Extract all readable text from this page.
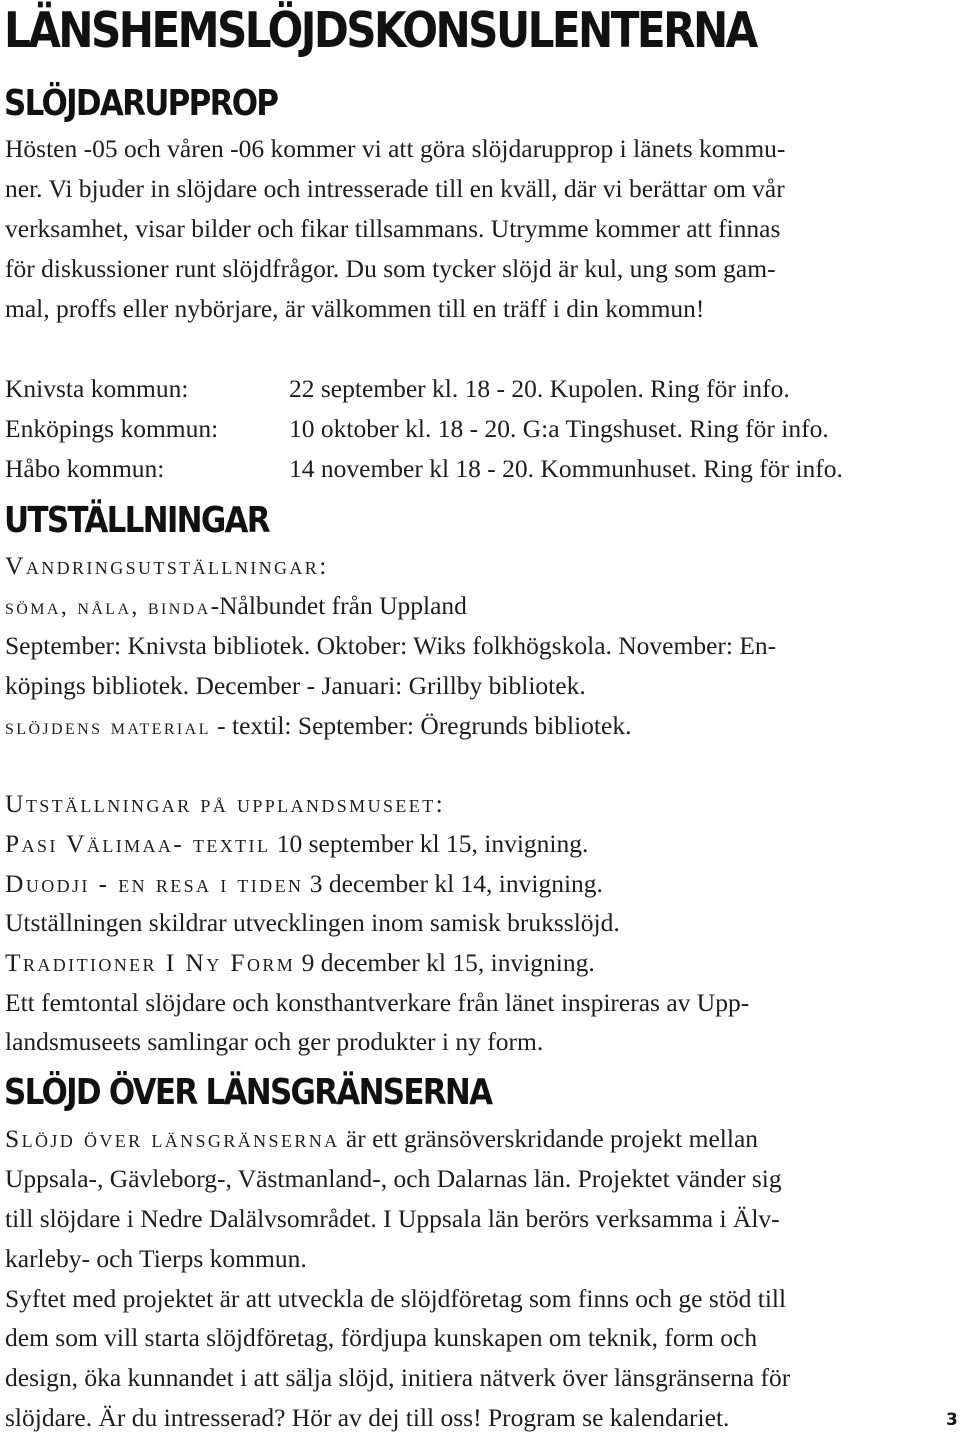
LÄNSHEMSLÖJDSKONSULENTERNA
SLÖJDARUPPROP
Hösten -05 och våren -06 kommer vi att göra slöjdarupprop i länets kommu-
ner. Vi bjuder in slöjdare och intresserade till en kväll, där vi berättar om vår
verksamhet, visar bilder och fikar tillsammans. Utrymme kommer att finnas
för diskussioner runt slöjdfrågor. Du som tycker slöjd är kul, ung som gam-
mal, proffs eller nybörjare, är välkommen till en träff i din kommun!
Knivsta kommun:	22 september kl. 18 - 20. Kupolen. Ring för info.
Enköpings kommun:	10 oktober kl. 18 - 20. G:a Tingshuset. Ring för info.
Håbo kommun:	14 november kl 18 - 20. Kommunhuset. Ring för info.
UTSTÄLLNINGAR
Vandringsutställningar:
söma, nåla, binda-Nålbundet från Uppland
September: Knivsta bibliotek. Oktober: Wiks folkhögskola. November: En-
köpings bibliotek. December - Januari: Grillby bibliotek.
slöjdens material - textil: September: Öregrunds bibliotek.
Utställningar på upplandsmuseet:
Pasi Välimaa- textil 10 september kl 15, invigning.
Duodji - en resa i tiden 3 december kl 14, invigning.
Utställningen skildrar utvecklingen inom samisk bruksslöjd.
Traditioner I Ny Form 9 december kl 15, invigning.
Ett femtontal slöjdare och konsthantverkare från länet inspireras av Upp-
landsmuseets samlingar och ger produkter i ny form.
SLÖJD ÖVER LÄNSGRÄNSERNA
Slöjd över länsgränserna är ett gränsöverskridande projekt mellan
Uppsala-, Gävleborg-, Västmanland-, och Dalarnas län. Projektet vänder sig
till slöjdare i Nedre Dalälvsområdet. I Uppsala län berörs verksamma i Älv-
karleby- och Tierps kommun.
Syftet med projektet är att utveckla de slöjdföretag som finns och ge stöd till
dem som vill starta slöjdföretag, fördjupa kunskapen om teknik, form och
design, öka kunnandet i att sälja slöjd, initiera nätverk över länsgränserna för
slöjdare. Är du intresserad? Hör av dej till oss! Program se kalendariet.	3
